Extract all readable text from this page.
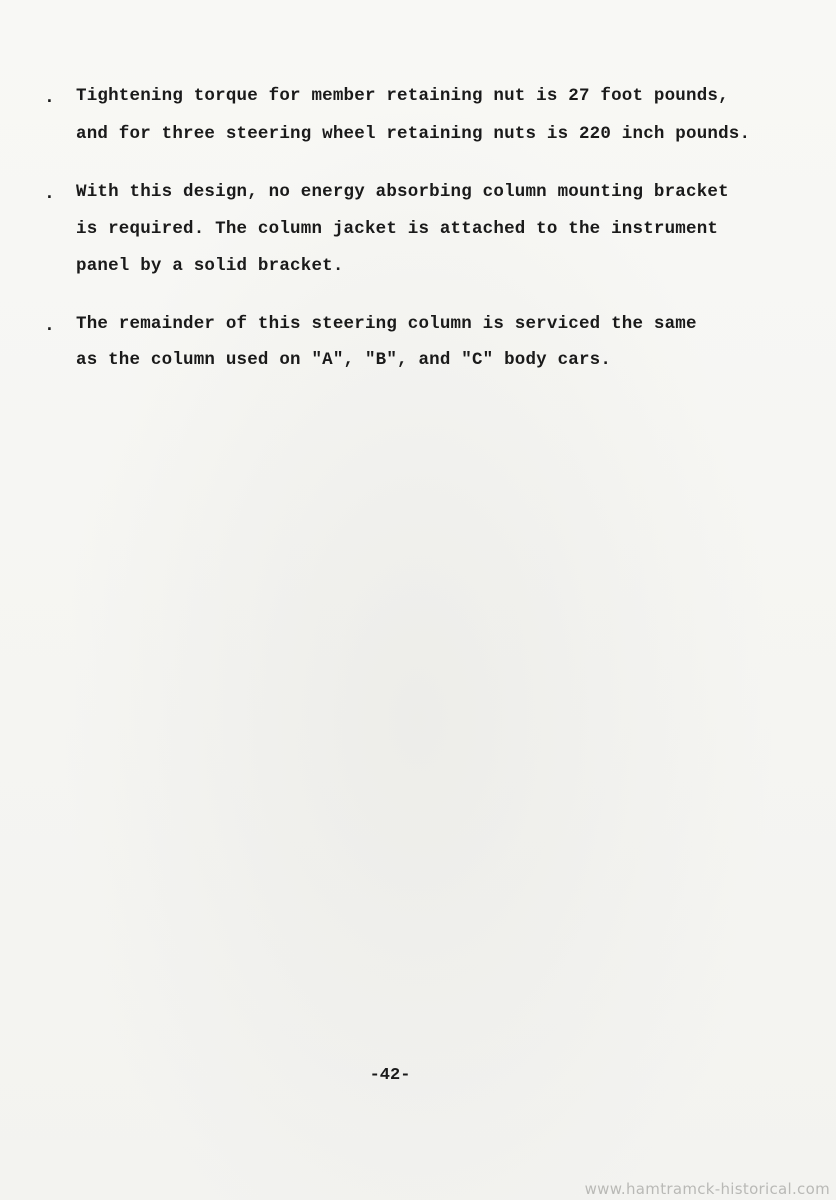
. Tightening torque for member retaining nut is 27 foot pounds,
and for three steering wheel retaining nuts is 220 inch pounds.
. With this design, no energy absorbing column mounting bracket
is required. The column jacket is attached to the instrument
panel by a solid bracket.
. The remainder of this steering column is serviced the same
as the column used on "A", "B", and "C" body cars.
-42-
www.hamtramck-historical.com
